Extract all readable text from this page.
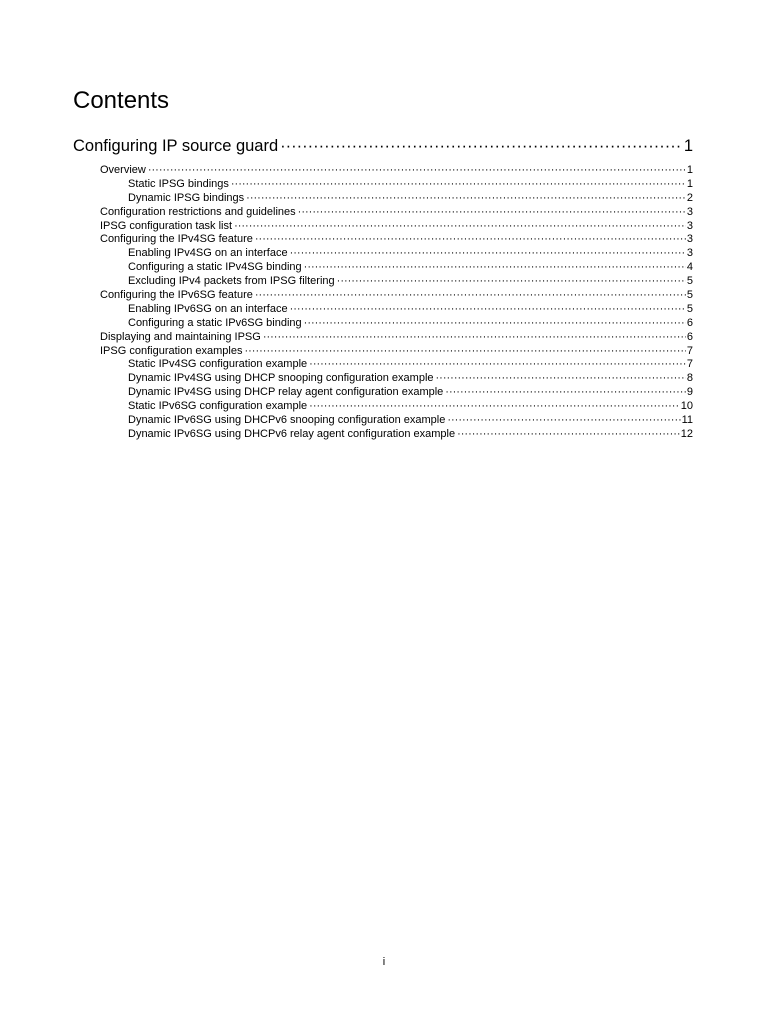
Contents
Configuring IP source guard ·····	1
Overview ·····	1
Static IPSG bindings ·····	1
Dynamic IPSG bindings ·····	2
Configuration restrictions and guidelines ·····	3
IPSG configuration task list ·····	3
Configuring the IPv4SG feature ·····	3
Enabling IPv4SG on an interface ·····	3
Configuring a static IPv4SG binding ·····	4
Excluding IPv4 packets from IPSG filtering ·····	5
Configuring the IPv6SG feature ·····	5
Enabling IPv6SG on an interface ·····	5
Configuring a static IPv6SG binding ·····	6
Displaying and maintaining IPSG ·····	6
IPSG configuration examples ·····	7
Static IPv4SG configuration example ·····	7
Dynamic IPv4SG using DHCP snooping configuration example ·····	8
Dynamic IPv4SG using DHCP relay agent configuration example ·····	9
Static IPv6SG configuration example ·····	10
Dynamic IPv6SG using DHCPv6 snooping configuration example ·····	11
Dynamic IPv6SG using DHCPv6 relay agent configuration example ·····	12
i
